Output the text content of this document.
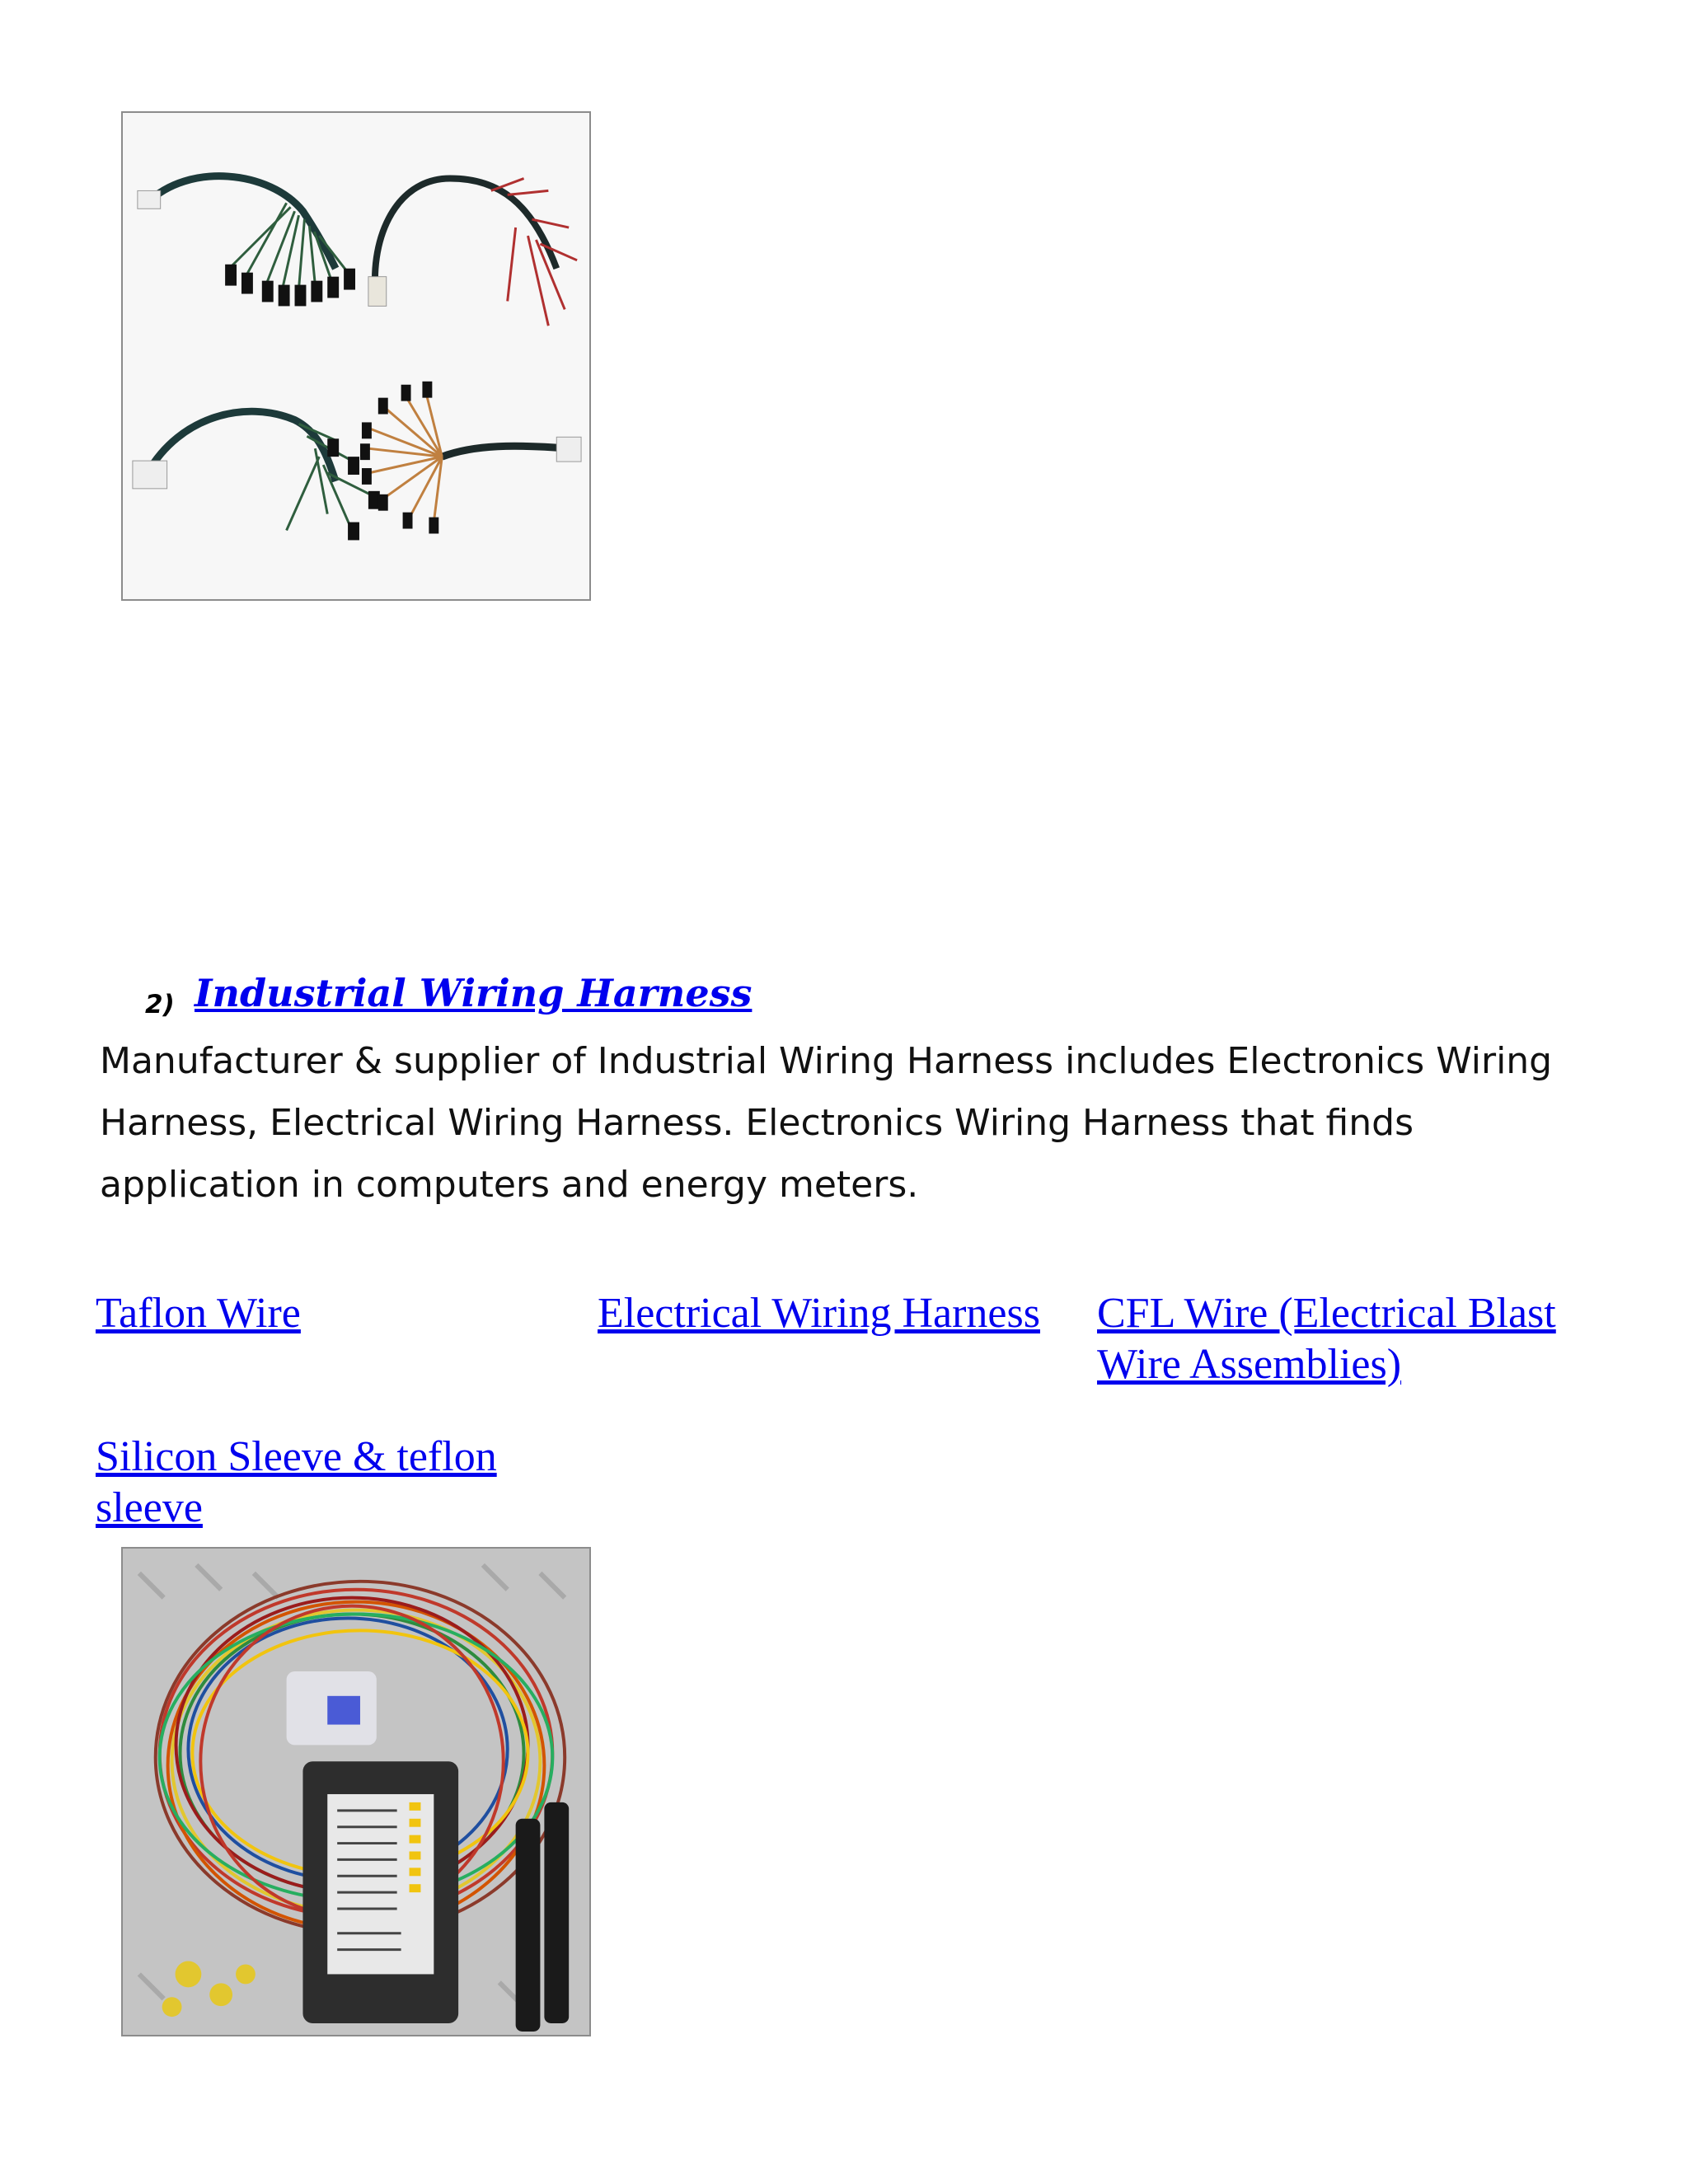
2) Industrial Wiring Harness

Manufacturer & supplier of Industrial Wiring Harness includes Electronics Wiring Harness, Electrical Wiring Harness. Electronics Wiring Harness that finds application in computers and energy meters.

Taflon Wire	Electrical Wiring Harness CFL Wire (Electrical Blast Wire Assemblies)
Silicon Sleeve & teflon sleeve
